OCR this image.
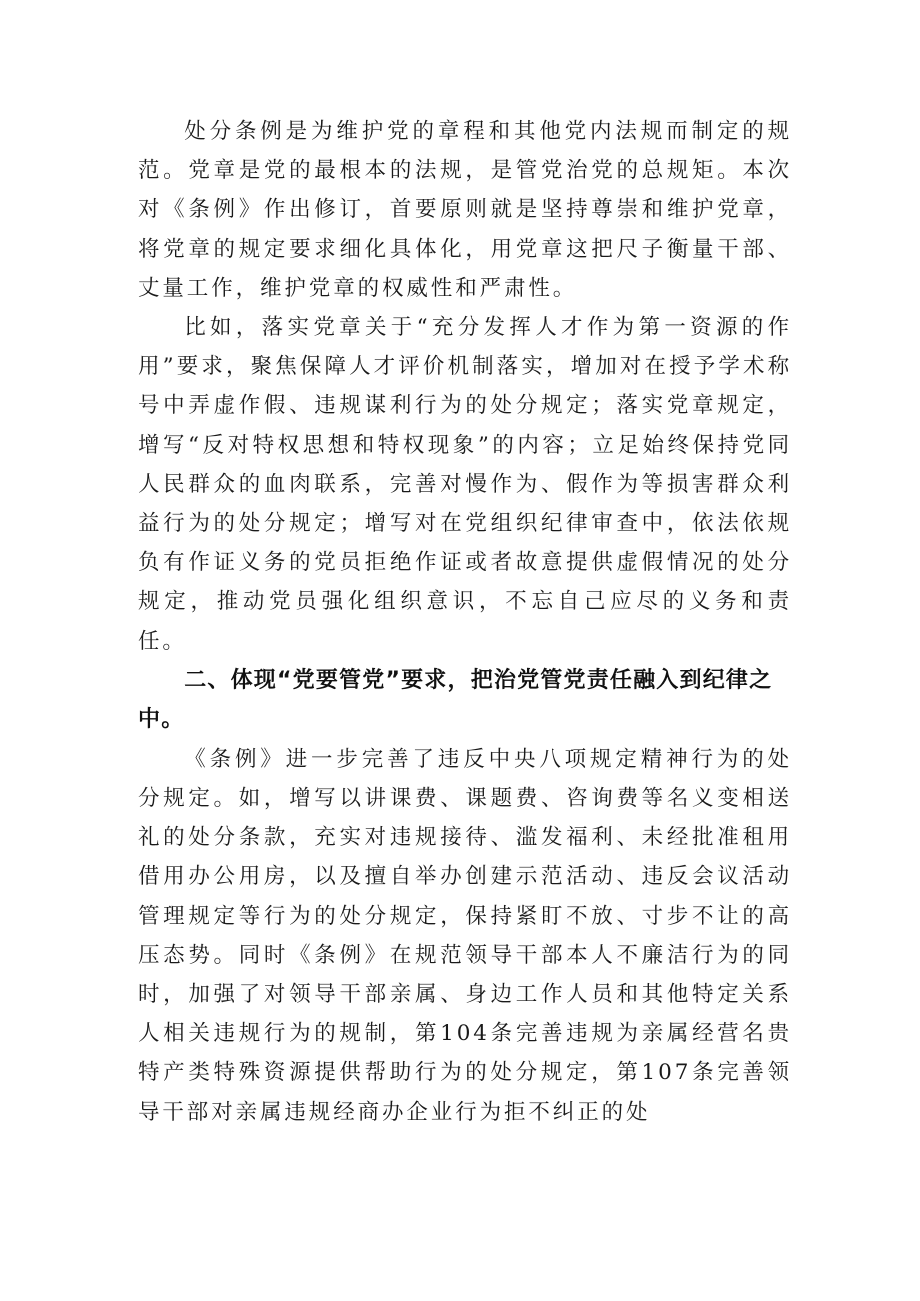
处分条例是为维护党的章程和其他党内法规而制定的规范。党章是党的最根本的法规，是管党治党的总规矩。本次对《条例》作出修订，首要原则就是坚持尊崇和维护党章，将党章的规定要求细化具体化，用党章这把尺子衡量干部、丈量工作，维护党章的权威性和严肃性。

比如，落实党章关于“充分发挥人才作为第一资源的作用”要求，聚焦保障人才评价机制落实，增加对在授予学术称号中弄虚作假、违规谋利行为的处分规定；落实党章规定，增写“反对特权思想和特权现象”的内容；立足始终保持党同人民群众的血肉联系，完善对慢作为、假作为等损害群众利益行为的处分规定；增写对在党组织纪律审查中，依法依规负有作证义务的党员拒绝作证或者故意提供虚假情况的处分规定，推动党员强化组织意识，不忘自己应尽的义务和责任。

二、体现“党要管党”要求，把治党管党责任融入到纪律之中。

《条例》进一步完善了违反中央八项规定精神行为的处分规定。如，增写以讲课费、课题费、咨询费等名义变相送礼的处分条款，充实对违规接待、滥发福利、未经批准租用借用办公用房，以及擅自举办创建示范活动、违反会议活动管理规定等行为的处分规定，保持紧盯不放、寸步不让的高压态势。同时《条例》在规范领导干部本人不廉洁行为的同时，加强了对领导干部亲属、身边工作人员和其他特定关系人相关违规行为的规制，第104条完善违规为亲属经营名贵特产类特殊资源提供帮助行为的处分规定，第107条完善领导干部对亲属违规经商办企业行为拒不纠正的处
